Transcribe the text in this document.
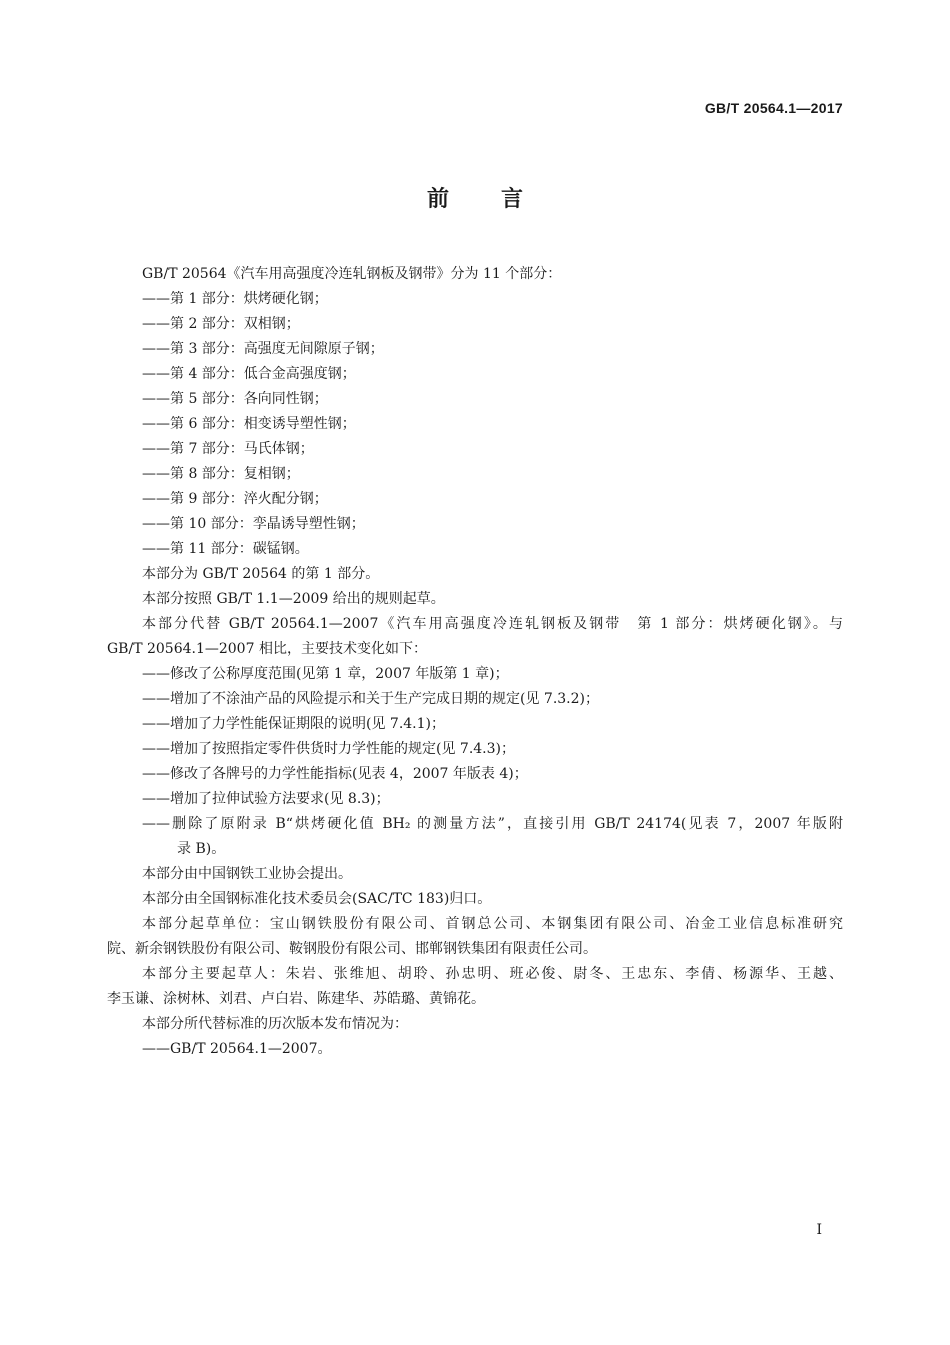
GB/T 20564.1—2017
前言
GB/T 20564《汽车用高强度冷连轧钢板及钢带》分为 11 个部分：
——第 1 部分：烘烤硬化钢；
——第 2 部分：双相钢；
——第 3 部分：高强度无间隙原子钢；
——第 4 部分：低合金高强度钢；
——第 5 部分：各向同性钢；
——第 6 部分：相变诱导塑性钢；
——第 7 部分：马氏体钢；
——第 8 部分：复相钢；
——第 9 部分：淬火配分钢；
——第 10 部分：孪晶诱导塑性钢；
——第 11 部分：碳锰钢。
本部分为 GB/T 20564 的第 1 部分。
本部分按照 GB/T 1.1—2009 给出的规则起草。
本部分代替 GB/T 20564.1—2007《汽车用高强度冷连轧钢板及钢带　第 1 部分：烘烤硬化钢》。与
GB/T 20564.1—2007 相比，主要技术变化如下：
——修改了公称厚度范围(见第 1 章，2007 年版第 1 章)；
——增加了不涂油产品的风险提示和关于生产完成日期的规定(见 7.3.2)；
——增加了力学性能保证期限的说明(见 7.4.1)；
——增加了按照指定零件供货时力学性能的规定(见 7.4.3)；
——修改了各牌号的力学性能指标(见表 4，2007 年版表 4)；
——增加了拉伸试验方法要求(见 8.3)；
——删除了原附录 B“烘烤硬化值 BH₂ 的测量方法”，直接引用 GB/T 24174(见表 7，2007 年版附
录 B)。
本部分由中国钢铁工业协会提出。
本部分由全国钢标准化技术委员会(SAC/TC 183)归口。
本部分起草单位：宝山钢铁股份有限公司、首钢总公司、本钢集团有限公司、冶金工业信息标准研究
院、新余钢铁股份有限公司、鞍钢股份有限公司、邯郸钢铁集团有限责任公司。
本部分主要起草人：朱岩、张维旭、胡聆、孙忠明、班必俊、尉冬、王忠东、李倩、杨源华、王越、
李玉谦、涂树林、刘君、卢白岩、陈建华、苏皓璐、黄锦花。
本部分所代替标准的历次版本发布情况为：
——GB/T 20564.1—2007。
I
